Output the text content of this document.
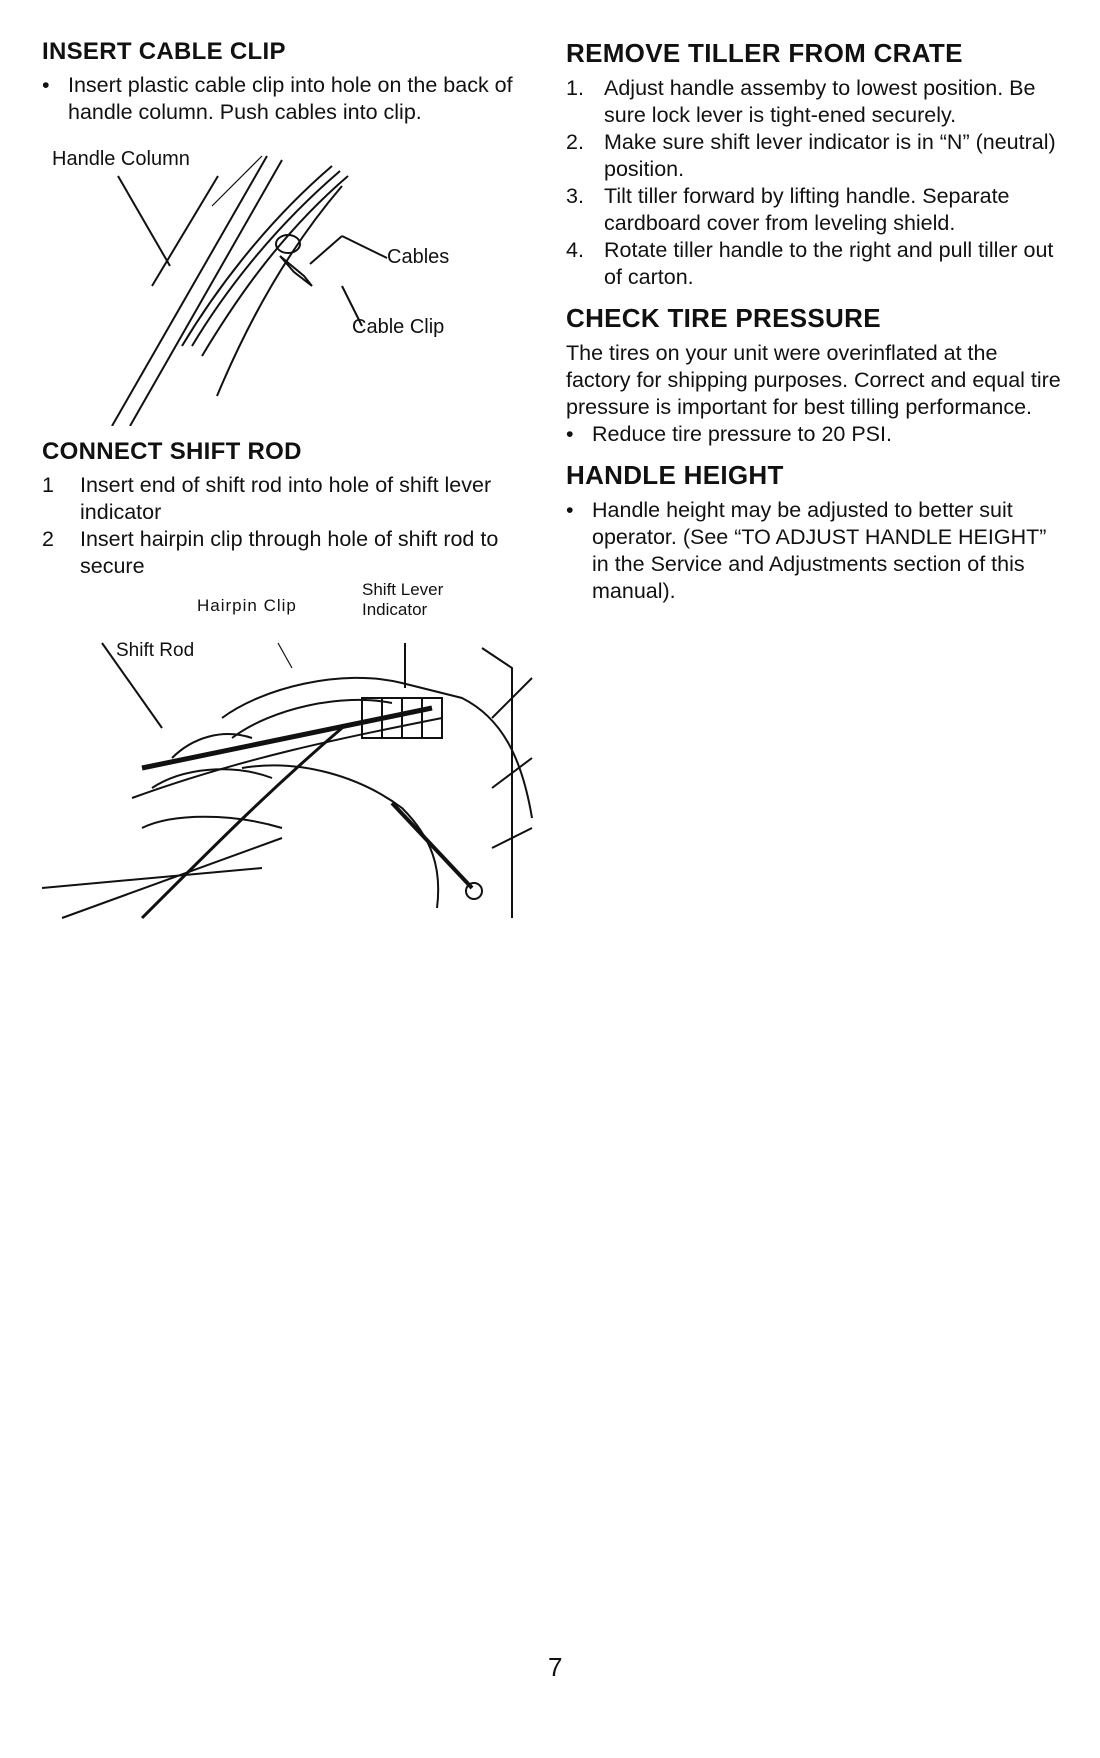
INSERT CABLE CLIP
• Insert plastic cable clip into hole on the back of handle column. Push cables into clip.
Handle Column
Cables
Cable Clip
CONNECT SHIFT ROD
1 Insert end of shift rod into hole of shift lever indicator
2 Insert hairpin clip through hole of shift rod to secure
Hairpin Clip
Shift Lever Indicator
Shift Rod
REMOVE TILLER FROM CRATE
1. Adjust handle assemby to lowest position. Be sure lock lever is tight-ened securely.
2. Make sure shift lever indicator is in “N” (neutral) position.
3. Tilt tiller forward by lifting handle. Separate cardboard cover from leveling shield.
4. Rotate tiller handle to the right and pull tiller out of carton.
CHECK TIRE PRESSURE

The tires on your unit were overinflated at the factory for shipping purposes. Correct and equal tire pressure is important for best tilling performance.

• Reduce tire pressure to 20 PSI.
HANDLE HEIGHT
• Handle height may be adjusted to better suit operator. (See “TO ADJUST HANDLE HEIGHT” in the Service and Adjustments section of this manual).
7
